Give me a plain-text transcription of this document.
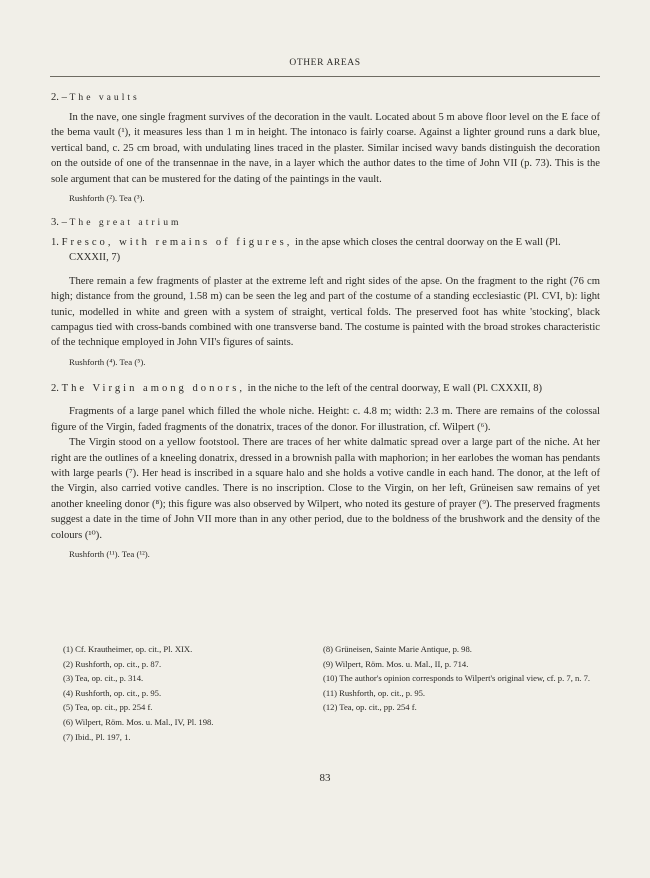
OTHER AREAS
2. – The vaults

In the nave, one single fragment survives of the decoration in the vault. Located about 5 m above floor level on the E face of the bema vault (¹), it measures less than 1 m in height. The intonaco is fairly coarse. Against a lighter ground runs a dark blue, vertical band, c. 25 cm broad, with undulating lines traced in the plaster. Similar incised wavy bands distinguish the decoration on the outside of one of the transennae in the nave, in a layer which the author dates to the time of John VII (p. 73). This is the sole argument that can be mustered for the dating of the paintings in the vault.

Rushforth (²). Tea (³).
3. – The great atrium
1. Fresco, with remains of figures, in the apse which closes the central doorway on the E wall (Pl. CXXXII, 7)

There remain a few fragments of plaster at the extreme left and right sides of the apse. On the fragment to the right (76 cm high; distance from the ground, 1.58 m) can be seen the leg and part of the costume of a standing ecclesiastic (Pl. CVI, b): light tunic, modelled in white and green with a system of straight, vertical folds. The preserved foot has white 'stocking', black campagus tied with cross-bands combined with one transverse band. The costume is painted with the broad strokes characteristic of the technique employed in John VII's figures of saints.

Rushforth (⁴). Tea (⁵).
2. The Virgin among donors, in the niche to the left of the central doorway, E wall (Pl. CXXXII, 8)

Fragments of a large panel which filled the whole niche. Height: c. 4.8 m; width: 2.3 m. There are remains of the colossal figure of the Virgin, faded fragments of the donatrix, traces of the donor. For illustration, cf. Wilpert (⁶).

The Virgin stood on a yellow footstool. There are traces of her white dalmatic spread over a large part of the niche. At her right are the outlines of a kneeling donatrix, dressed in a brownish palla with maphorion; in her earlobes the woman has pendants with large pearls (⁷). Her head is inscribed in a square halo and she holds a votive candle in each hand. The donor, at the left of the Virgin, also carried votive candles. There is no inscription. Close to the Virgin, on her left, Grüneisen saw remains of yet another kneeling donor (⁸); this figure was also observed by Wilpert, who noted its gesture of prayer (⁹). The preserved fragments suggest a date in the time of John VII more than in any other period, due to the boldness of the brushwork and the density of the colours (¹⁰).

Rushforth (¹¹). Tea (¹²).
(1) Cf. Krautheimer, op. cit., Pl. XIX.
(2) Rushforth, op. cit., p. 87.
(3) Tea, op. cit., p. 314.
(4) Rushforth, op. cit., p. 95.
(5) Tea, op. cit., pp. 254 f.
(6) Wilpert, Röm. Mos. u. Mal., IV, Pl. 198.
(7) Ibid., Pl. 197, 1.
(8) Grüneisen, Sainte Marie Antique, p. 98.
(9) Wilpert, Röm. Mos. u. Mal., II, p. 714.
(10) The author's opinion corresponds to Wilpert's original view, cf. p. 7, n. 7.
(11) Rushforth, op. cit., p. 95.
(12) Tea, op. cit., pp. 254 f.
83
